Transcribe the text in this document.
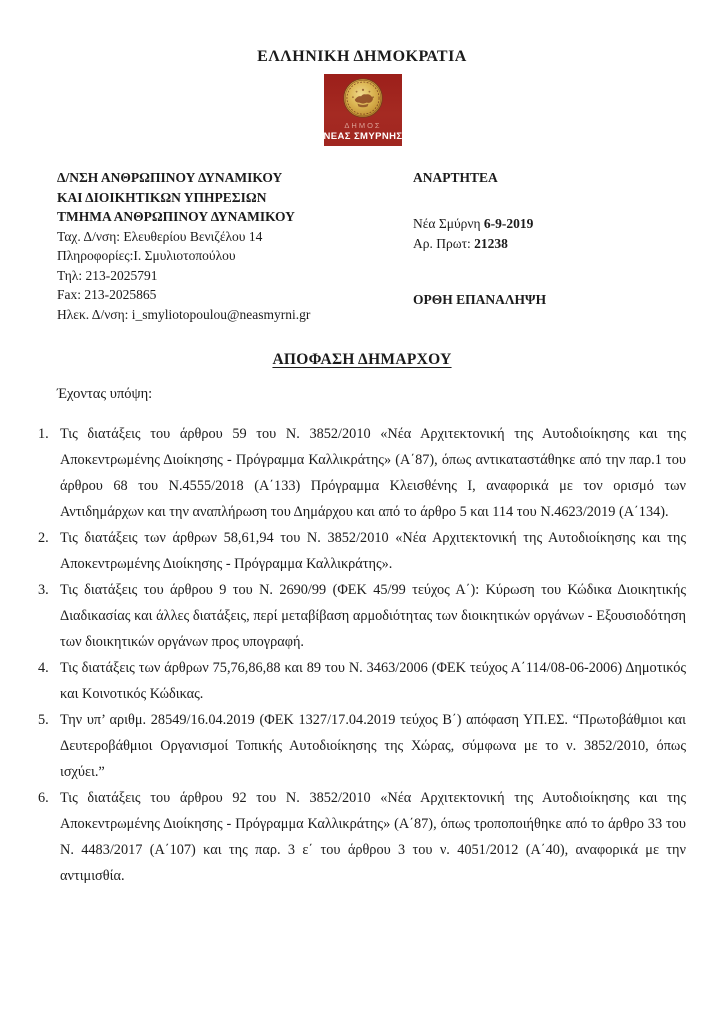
ΕΛΛΗΝΙΚΗ ΔΗΜΟΚΡΑΤΙΑ
ΔΗΜΟΣ
ΝΕΑΣ ΣΜΥΡΝΗΣ
Δ/ΝΣΗ ΑΝΘΡΩΠΙΝΟΥ ΔΥΝΑΜΙΚΟΥ
ΚΑΙ ΔΙΟΙΚΗΤΙΚΩΝ ΥΠΗΡΕΣΙΩΝ
ΤΜΗΜΑ ΑΝΘΡΩΠΙΝΟΥ ΔΥΝΑΜΙΚΟΥ
Ταχ. Δ/νση: Ελευθερίου Βενιζέλου 14
Πληροφορίες:Ι. Σμυλιοτοπούλου
Τηλ: 213-2025791
Fax: 213-2025865
Ηλεκ. Δ/νση: i_smyliotopoulou@neasmyrni.gr
ΑΝΑΡΤΗΤΕΑ
Νέα Σμύρνη 6-9-2019
Αρ. Πρωτ: 21238
ΟΡΘΗ ΕΠΑΝΑΛΗΨΗ
ΑΠΟΦΑΣΗ ΔΗΜΑΡΧΟΥ
Έχοντας υπόψη:
1. Τις διατάξεις του άρθρου 59 του Ν. 3852/2010 «Νέα Αρχιτεκτονική της Αυτοδιοίκησης και της Αποκεντρωμένης Διοίκησης - Πρόγραμμα Καλλικράτης» (Α΄87), όπως αντικαταστάθηκε από την παρ.1 του άρθρου 68 του Ν.4555/2018 (Α΄133) Πρόγραμμα Κλεισθένης Ι, αναφορικά με τον ορισμό των Αντιδημάρχων και την αναπλήρωση του Δημάρχου και από το άρθρο 5 και 114 του Ν.4623/2019 (Α΄134).
2. Τις διατάξεις των άρθρων 58,61,94 του Ν. 3852/2010 «Νέα Αρχιτεκτονική της Αυτοδιοίκησης και της Αποκεντρωμένης Διοίκησης - Πρόγραμμα Καλλικράτης».
3. Τις διατάξεις του άρθρου 9 του Ν. 2690/99 (ΦΕΚ 45/99 τεύχος Α΄): Κύρωση του Κώδικα Διοικητικής Διαδικασίας και άλλες διατάξεις, περί μεταβίβαση αρμοδιότητας των διοικητικών οργάνων - Εξουσιοδότηση των διοικητικών οργάνων προς υπογραφή.
4. Τις διατάξεις των άρθρων 75,76,86,88 και 89 του Ν. 3463/2006 (ΦΕΚ τεύχος Α΄114/08-06-2006) Δημοτικός και Κοινοτικός Κώδικας.
5. Την υπ’ αριθμ. 28549/16.04.2019 (ΦΕΚ 1327/17.04.2019 τεύχος Β΄) απόφαση ΥΠ.ΕΣ. “Πρωτοβάθμιοι και Δευτεροβάθμιοι Οργανισμοί Τοπικής Αυτοδιοίκησης της Χώρας, σύμφωνα με το ν. 3852/2010, όπως ισχύει.”
6. Τις διατάξεις του άρθρου 92 του Ν. 3852/2010 «Νέα Αρχιτεκτονική της Αυτοδιοίκησης και της Αποκεντρωμένης Διοίκησης - Πρόγραμμα Καλλικράτης» (Α΄87), όπως τροποποιήθηκε από το άρθρο 33 του Ν. 4483/2017 (Α΄107) και της παρ. 3 ε΄ του άρθρου 3 του ν. 4051/2012 (Α΄40), αναφορικά με την αντιμισθία.
